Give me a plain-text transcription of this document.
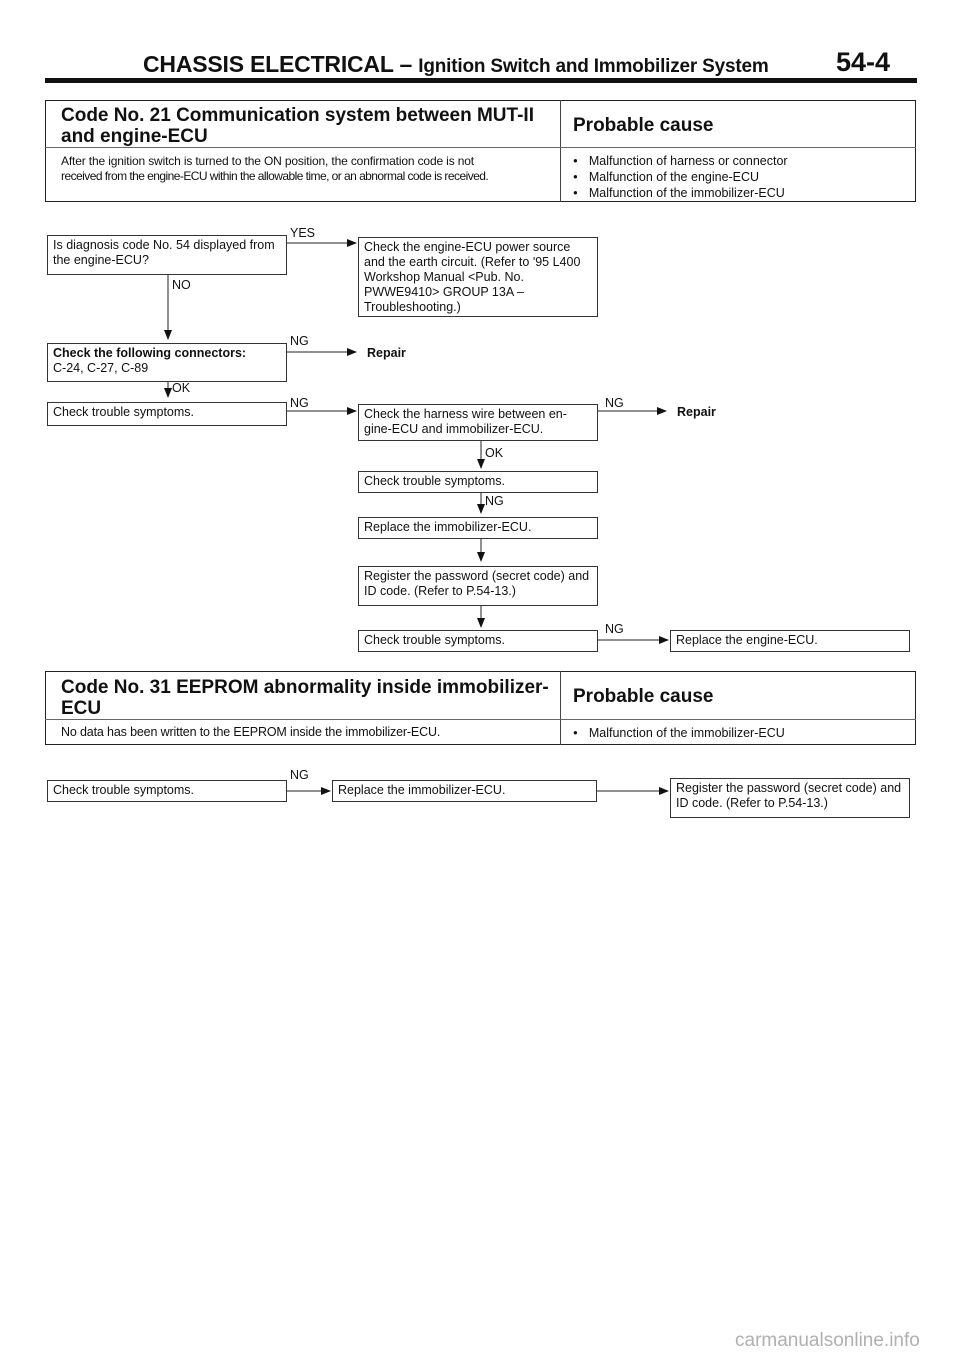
CHASSIS ELECTRICAL – Ignition Switch and Immobilizer System 54-4
Code No. 21 Communication system between MUT-II and engine-ECU
Probable cause
After the ignition switch is turned to the ON position, the confirmation code is not
received from the engine-ECU within the allowable time, or an abnormal code is received.
● Malfunction of harness or connector
● Malfunction of the engine-ECU
● Malfunction of the immobilizer-ECU
Is diagnosis code No. 54 displayed from the engine-ECU?
YES
NO
Check the engine-ECU power source and the earth circuit. (Refer to '95 L400 Workshop Manual <Pub. No. PWWE9410> GROUP 13A – Troubleshooting.)
Check the following connectors:
C-24, C-27, C-89
NG
Repair
OK
Check trouble symptoms.
NG
Check the harness wire between en-gine-ECU and immobilizer-ECU.
NG
Repair
OK
Check trouble symptoms.
NG
Replace the immobilizer-ECU.
Register the password (secret code) and ID code. (Refer to P.54-13.)
Check trouble symptoms.
NG
Replace the engine-ECU.
Code No. 31 EEPROM abnormality inside immobilizer-ECU
Probable cause
No data has been written to the EEPROM inside the immobilizer-ECU.
●	Malfunction of the immobilizer-ECU
Check trouble symptoms.
NG
Replace the immobilizer-ECU.	Register the password (secret code) and ID code. (Refer to P.54-13.)
carmanualsonline.info
